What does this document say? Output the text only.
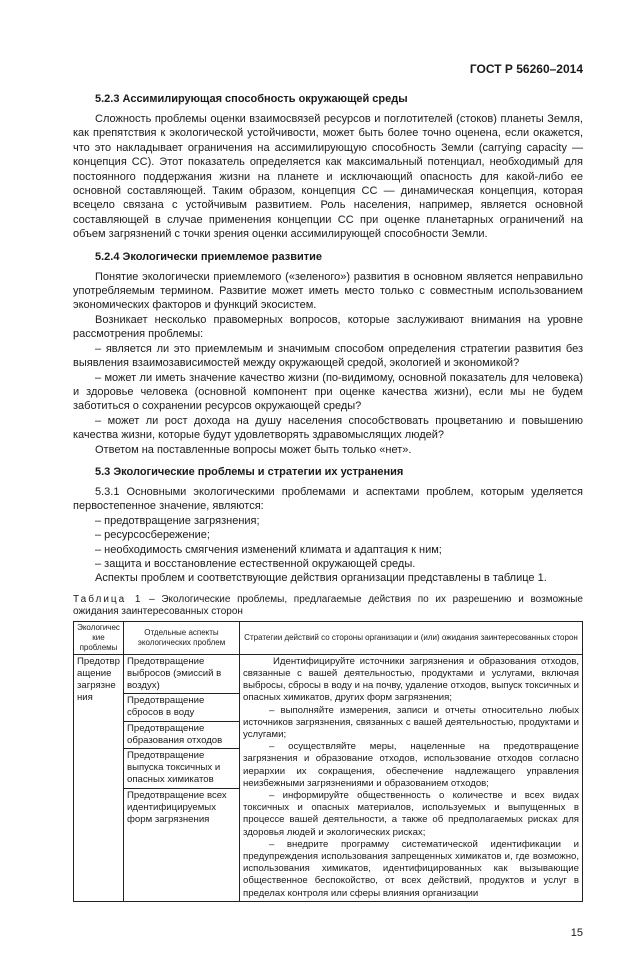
ГОСТ Р 56260–2014
5.2.3 Ассимилирующая способность окружающей среды

Сложность проблемы оценки взаимосвязей ресурсов и поглотителей (стоков) планеты Земля, как препятствия к экологической устойчивости, может быть более точно оценена, если окажется, что это накладывает ограничения на ассимилирующую способность Земли (carrying capacity — концепция СС). Этот показатель определяется как максимальный потенциал, необходимый для постоянного поддержания жизни на планете и исключающий опасность для какой-либо ее основной составляющей. Таким образом, концепция СС — динамическая концепция, которая всецело связана с устойчивым развитием. Роль населения, например, является основной составляющей в случае применения концепции СС при оценке планетарных ограничений на объем загрязнений с точки зрения оценки ассимилирующей способности Земли.

5.2.4 Экологически приемлемое развитие

Понятие экологически приемлемого («зеленого») развития в основном является неправильно употребляемым термином. Развитие может иметь место только с совместным использованием экономических факторов и функций экосистем.

Возникает несколько правомерных вопросов, которые заслуживают внимания на уровне рассмотрения проблемы:

– является ли это приемлемым и значимым способом определения стратегии развития без выявления взаимозависимостей между окружающей средой, экологией и экономикой?

– может ли иметь значение качество жизни (по-видимому, основной показатель для человека) и здоровье человека (основной компонент при оценке качества жизни), если мы не будем заботиться о сохранении ресурсов окружающей среды?

– может ли рост дохода на душу населения способствовать процветанию и повышению качества жизни, которые будут удовлетворять здравомыслящих людей?

Ответом на поставленные вопросы может быть только «нет».

5.3 Экологические проблемы и стратегии их устранения

5.3.1 Основными экологическими проблемами и аспектами проблем, которым уделяется первостепенное значение, являются:

– предотвращение загрязнения;

– ресурсосбережение;

– необходимость смягчения изменений климата и адаптация к ним;

– защита и восстановление естественной окружающей среды.

Аспекты проблем и соответствующие действия организации представлены в таблице 1.

Таблица 1 – Экологические проблемы, предлагаемые действия по их разрешению и возможные ожидания заинтересованных сторон
Экологические проблемы	Отдельные аспекты экологических проблем	Стратегии действий со стороны организации и (или) ожидания заинтересованных сторон
Предотвращение загрязнения	Предотвращение выбросов (эмиссий в воздух)	Идентифицируйте источники загрязнения и образования отходов, связанные с вашей деятельностью, продуктами и услугами, включая выбросы, сбросы в воду и на почву, удаление отходов, выпуск токсичных и опасных химикатов, других форм загрязнения;

– выполняйте измерения, записи и отчеты относительно любых источников загрязнения, связанных с вашей деятельностью, продуктами и услугами;

– осуществляйте меры, нацеленные на предотвращение загрязнения и образование отходов, использование отходов согласно иерархии их сокращения, обеспечение надлежащего управления неизбежными загрязнениями и образованием отходов;

– информируйте общественность о количестве и всех видах токсичных и опасных материалов, используемых и выпущенных в процессе вашей деятельности, а также об предполагаемых рисках для здоровья людей и экологических рисках;

– внедрите программу систематической идентификации и предупреждения использования запрещенных химикатов и, где возможно, использования химикатов, идентифицированных как вызывающие общественное беспокойство, от всех действий, продуктов и услуг в пределах контроля или сферы влияния организации

	Предотвращение сбросов в воду	
	Предотвращение образования отходов	
	Предотвращение выпуска токсичных и опасных химикатов	
	Предотвращение всех идентифицируемых форм загрязнения	
15
